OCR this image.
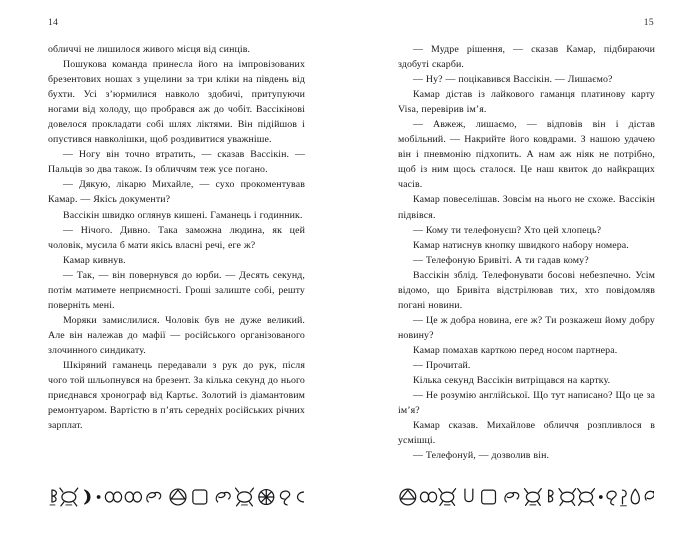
14

обличчі не лишилося живого місця від синців.

Пошукова команда принесла його на імпровізованих брезентових ношах з ущелини за три кліки на південь від бухти. Усі з’юрмилися навколо здобичі, притупуючи ногами від холоду, що пробрався аж до чобіт. Вассікінові довелося прокладати собі шлях ліктями. Він підійшов і опустився навколішки, щоб роздивитися уважніше.

— Ногу він точно втратить, — сказав Вассікін. — Пальців зо два також. Із обличчям теж усе погано.

— Дякую, лікарю Михайле, — сухо прокоментував Камар. — Якісь документи?

Вассікін швидко оглянув кишені. Гаманець і годинник.

— Нічого. Дивно. Така заможна людина, як цей чоловік, мусила б мати якісь власні речі, еге ж?

Камар кивнув.

— Так, — він повернувся до юрби. — Десять секунд, потім матимете неприємності. Гроші залиште собі, решту поверніть мені.

Моряки замислилися. Чоловік був не дуже великий. Але він належав до мафії — російського організованого злочинного синдикату.

Шкіряний гаманець передавали з рук до рук, після чого той шльопнувся на брезент. За кілька секунд до нього приєднався хронограф від Картьє. Золотий із діамантовим ремонтуаром. Вартістю в п’ять середніх російських річних зарплат.

15

— Мудре рішення, — сказав Камар, підбираючи здобуті скарби.

— Ну? — поцікавився Вассікін. — Лишаємо?

Камар дістав із лайкового гаманця платинову карту Visa, перевірив ім’я.

— Авжеж, лишаємо, — відповів він і дістав мобільний. — Накрийте його ковдрами. З нашою удачею він і пневмонію підхопить. А нам аж ніяк не потрібно, щоб із ним щось сталося. Це наш квиток до найкращих часів.

Камар повеселішав. Зовсім на нього не схоже. Вассікін підвівся.

— Кому ти телефонуєш? Хто цей хлопець?

Камар натиснув кнопку швидкого набору номера.

— Телефоную Бривіті. А ти гадав кому?

Вассікін зблід. Телефонувати босові небезпечно. Усім відомо, що Бривіта відстрілював тих, хто повідомляв погані новини.

— Це ж добра новина, еге ж? Ти розкажеш йому добру новину?

Камар помахав карткою перед носом партнера.

— Прочитай.

Кілька секунд Вассікін витріщався на картку.

— Не розумію англійської. Що тут написано? Що це за ім’я?

Камар сказав. Михайлове обличчя розпливлося в усмішці.

— Телефонуй, — дозволив він.
